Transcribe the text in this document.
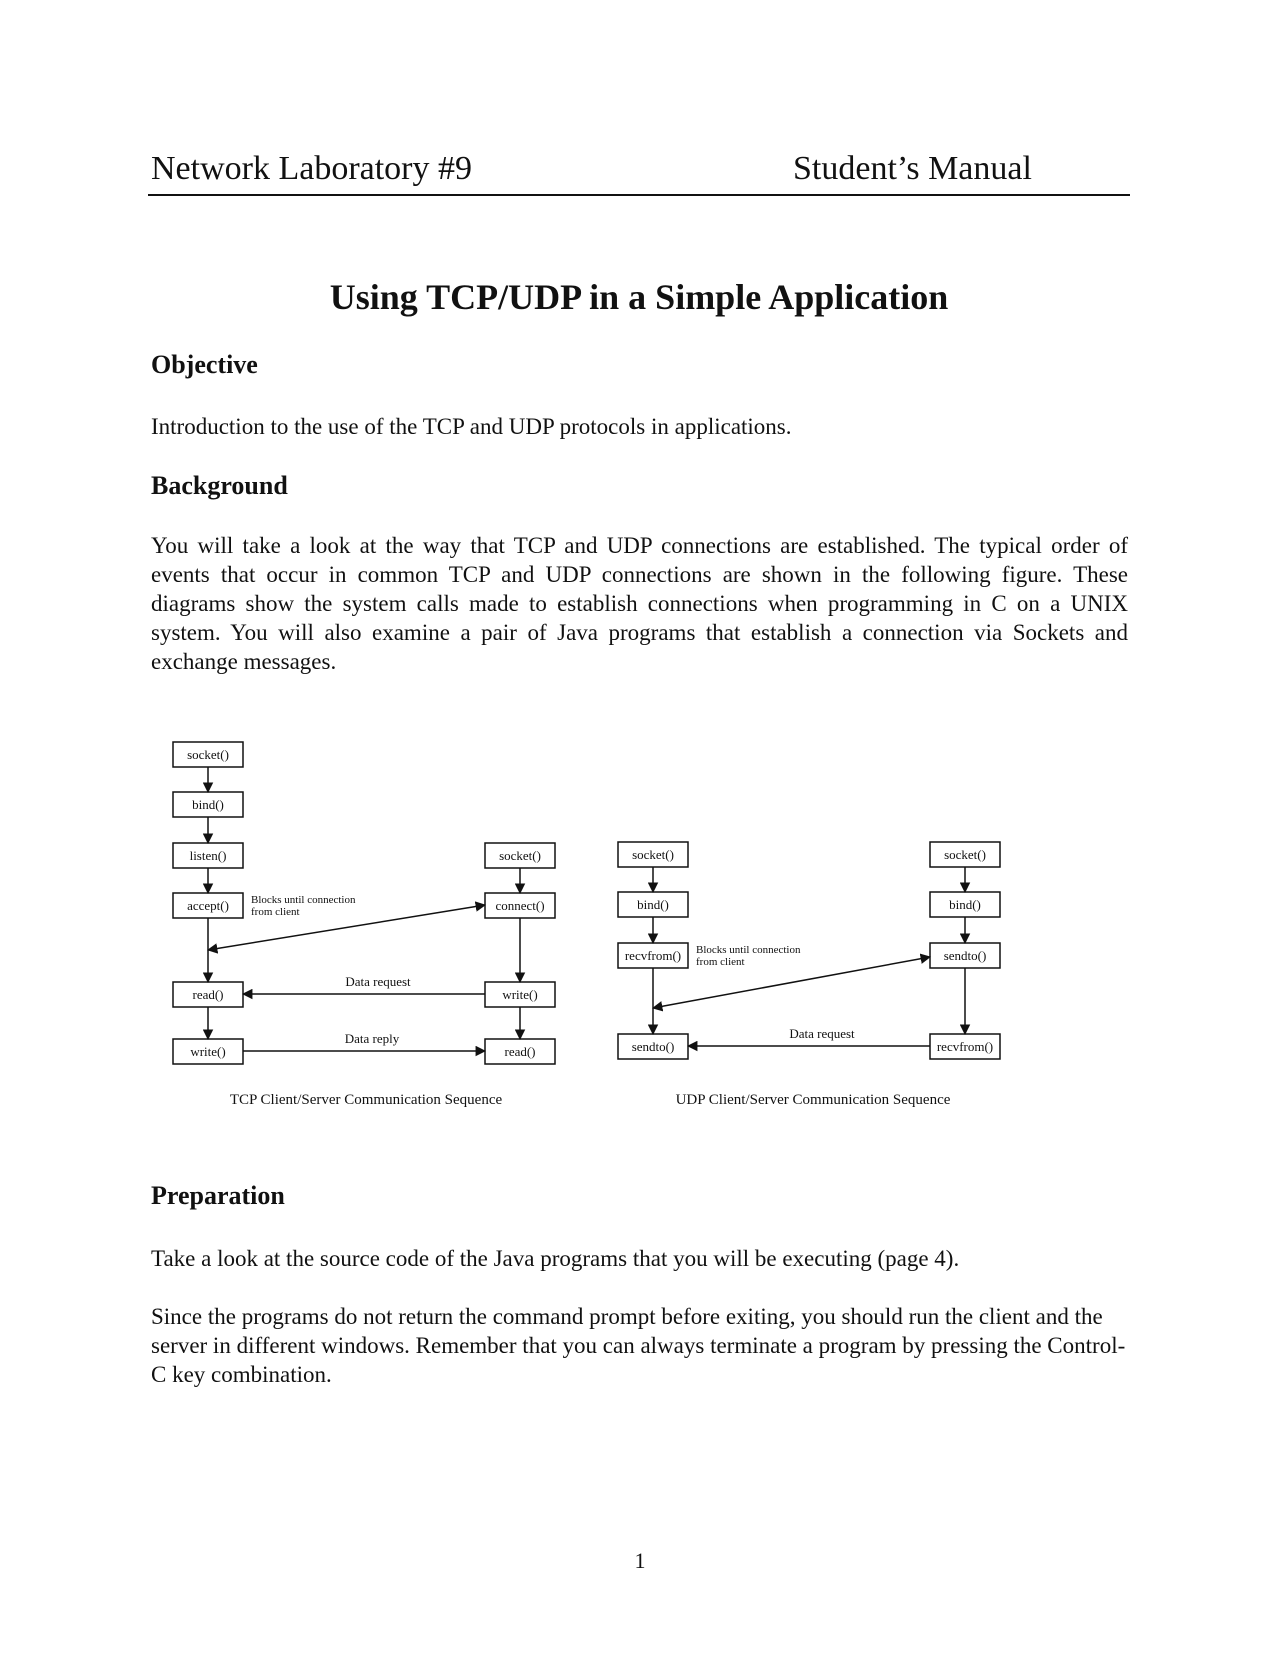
Network Laboratory #9	Student’s Manual
Using TCP/UDP in a Simple Application
Objective
Introduction to the use of the TCP and UDP protocols in applications.
Background
You will take a look at the way that TCP and UDP connections are established. The typical order of events that occur in common TCP and UDP connections are shown in the following figure. These diagrams show the system calls made to establish connections when programming in C on a UNIX system. You will also examine a pair of Java programs that establish a connection via Sockets and exchange messages.
socket()
bind()
listen()
accept()
read()
write()
socket()
connect()
write()
read()
Blocks until connection
from client
Data request
Data reply
TCP Client/Server Communication Sequence
socket()
bind()
recvfrom()
sendto()
socket()
bind()
sendto()
recvfrom()
Blocks until connection
from client
Data request
UDP Client/Server Communication Sequence
Preparation
Take a look at the source code of the Java programs that you will be executing (page 4).
Since the programs do not return the command prompt before exiting, you should run the client and the server in different windows. Remember that you can always terminate a program by pressing the Control-C key combination.
1
